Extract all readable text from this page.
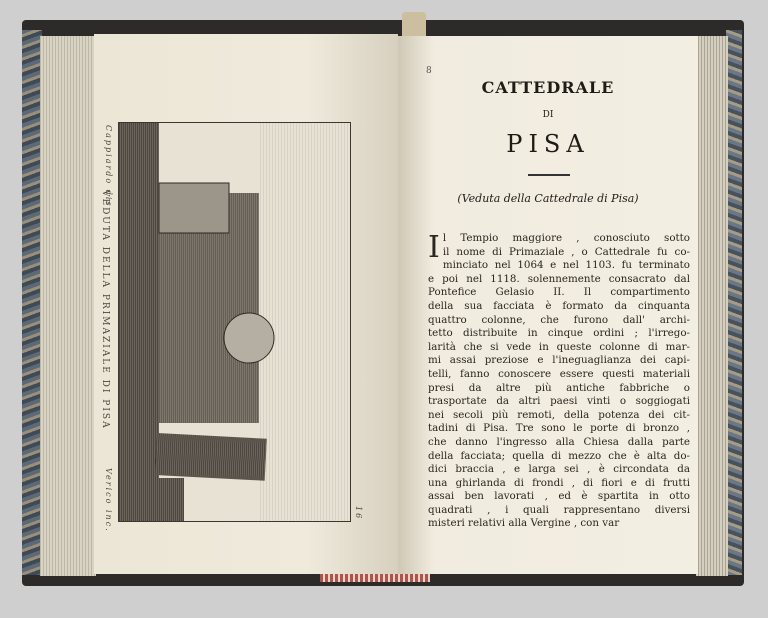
Cappiardo dis.
VEDUTA DELLA PRIMAZIALE DI PISA
Verico inc.	16
8
CATTEDRALE
DI
PISA
(Veduta della Cattedrale di Pisa)
I l Tempio maggiore , conosciuto sotto
il nome di Primaziale , o Cattedrale fu co-
minciato nel 1064 e nel 1103. fu terminato
e poi nel 1118. solennemente consacrato dal
Pontefice Gelasio II. Il compartimento
della sua facciata è formato da cinquanta
quattro colonne, che furono dall' archi-
tetto distribuite in cinque ordini ; l'irrego-
larità che si vede in queste colonne di mar-
mi assai preziose e l'ineguaglianza dei capi-
telli, fanno conoscere essere questi materiali
presi da altre più antiche fabbriche o
trasportate da altri paesi vinti o soggiogati
nei secoli più remoti, della potenza dei cit-
tadini di Pisa. Tre sono le porte di bronzo ,
che danno l'ingresso alla Chiesa dalla parte
della facciata; quella di mezzo che è alta do-
dici braccia , e larga sei , è circondata da
una ghirlanda di frondi , di fiori e di frutti
assai ben lavorati , ed è spartita in otto
quadrati , i quali rappresentano diversi
misteri relativi alla Vergine , con var
